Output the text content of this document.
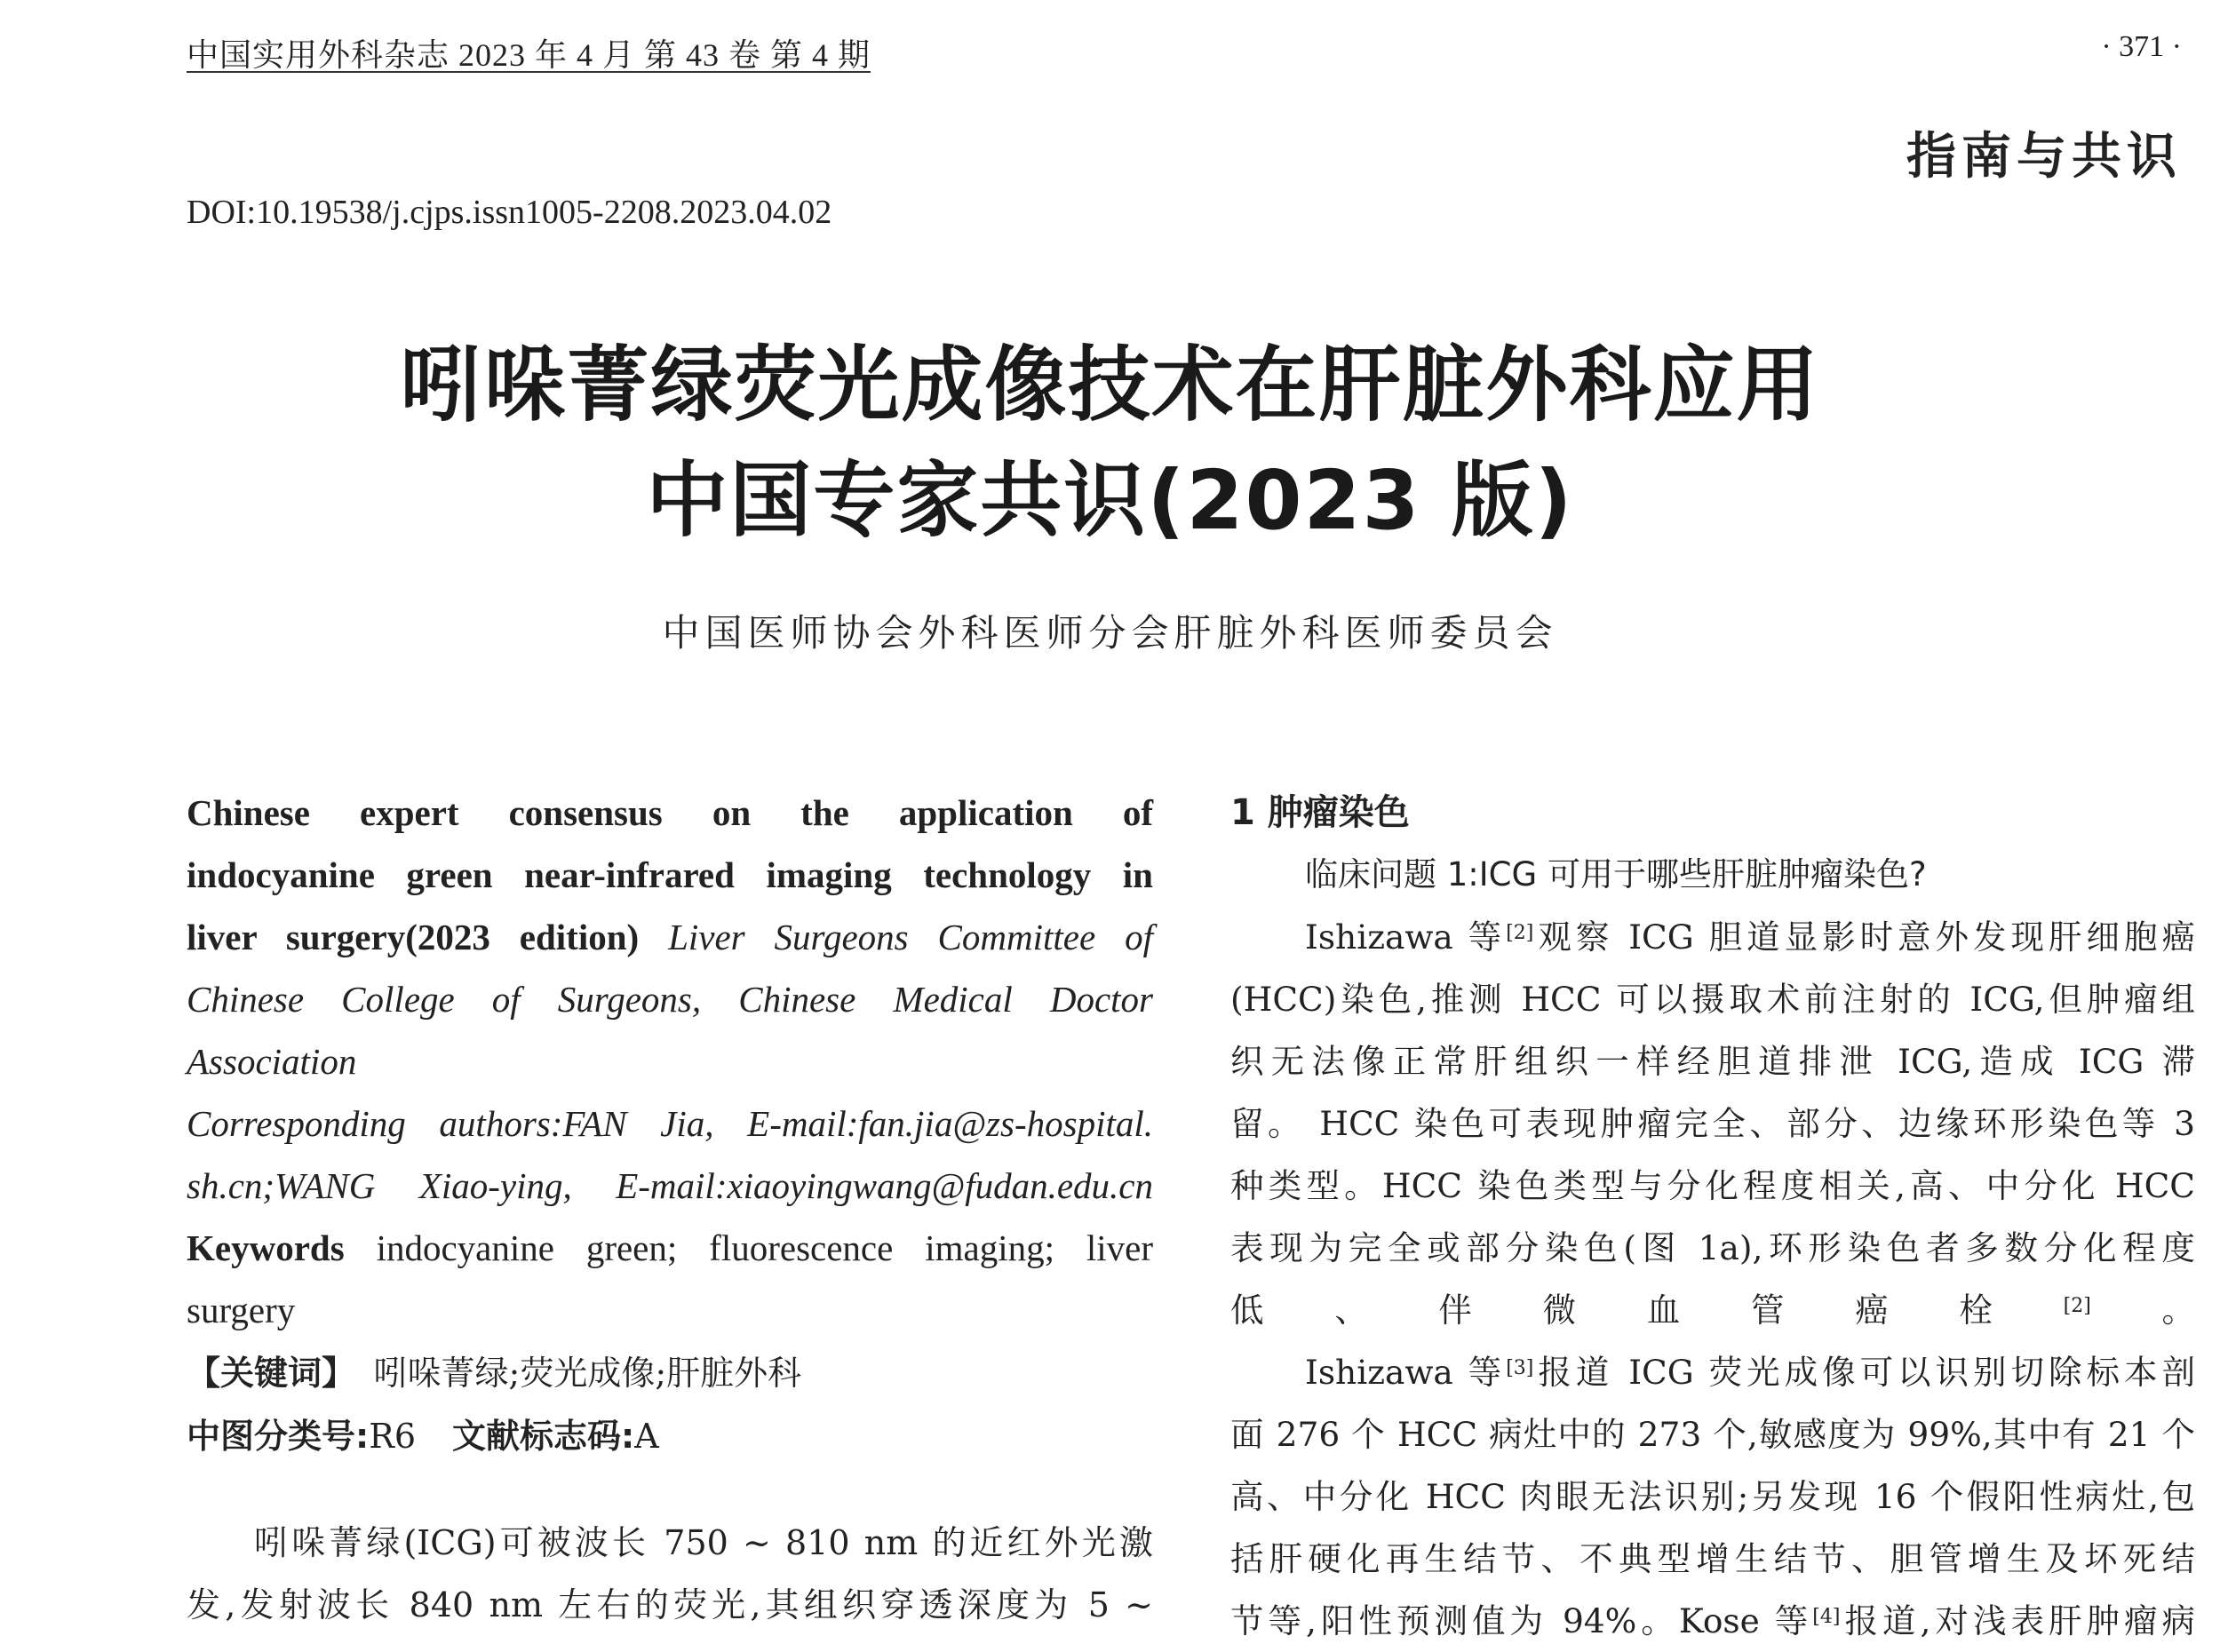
中国实用外科杂志 2023 年 4 月 第 43 卷 第 4 期	· 371 ·
指南与共识
DOI:10.19538/j.cjps.issn1005-2208.2023.04.02
吲哚菁绿荧光成像技术在肝脏外科应用
中国专家共识(2023 版)
中国医师协会外科医师分会肝脏外科医师委员会
Chinese expert consensus on the application of
indocyanine green near-infrared imaging technology in
liver surgery(2023 edition) Liver Surgeons Committee of
Chinese College of Surgeons, Chinese Medical Doctor
Association
Corresponding authors:FAN Jia, E-mail:fan.jia@zs-hospital.
sh.cn;WANG Xiao-ying, E-mail:xiaoyingwang@fudan.edu.cn
Keywords indocyanine green; fluorescence imaging; liver
surgery
【关键词】 吲哚菁绿;荧光成像;肝脏外科
中图分类号:R6 文献标志码:A
吲哚菁绿(ICG)可被波长 750 ~ 810 nm 的近红外光激
发,发射波长 840 nm 左右的荧光,其组织穿透深度为 5 ~
1 肿瘤染色
临床问题 1:ICG 可用于哪些肝脏肿瘤染色?
Ishizawa 等[2]观察 ICG 胆道显影时意外发现肝细胞癌
(HCC)染色,推测 HCC 可以摄取术前注射的 ICG,但肿瘤组
织无法像正常肝组织一样经胆道排泄 ICG,造成 ICG 滞
留。 HCC 染色可表现肿瘤完全、部分、边缘环形染色等 3
种类型。HCC 染色类型与分化程度相关,高、中分化 HCC
表现为完全或部分染色(图 1a),环形染色者多数分化程度
低、伴微血管癌栓[2]。
Ishizawa 等[3]报道 ICG 荧光成像可以识别切除标本剖
面 276 个 HCC 病灶中的 273 个,敏感度为 99%,其中有 21 个
高、中分化 HCC 肉眼无法识别;另发现 16 个假阳性病灶,包
括肝硬化再生结节、不典型增生结节、胆管增生及坏死结
节等,阳性预测值为 94%。Kose 等[4]报道,对浅表肝肿瘤病
